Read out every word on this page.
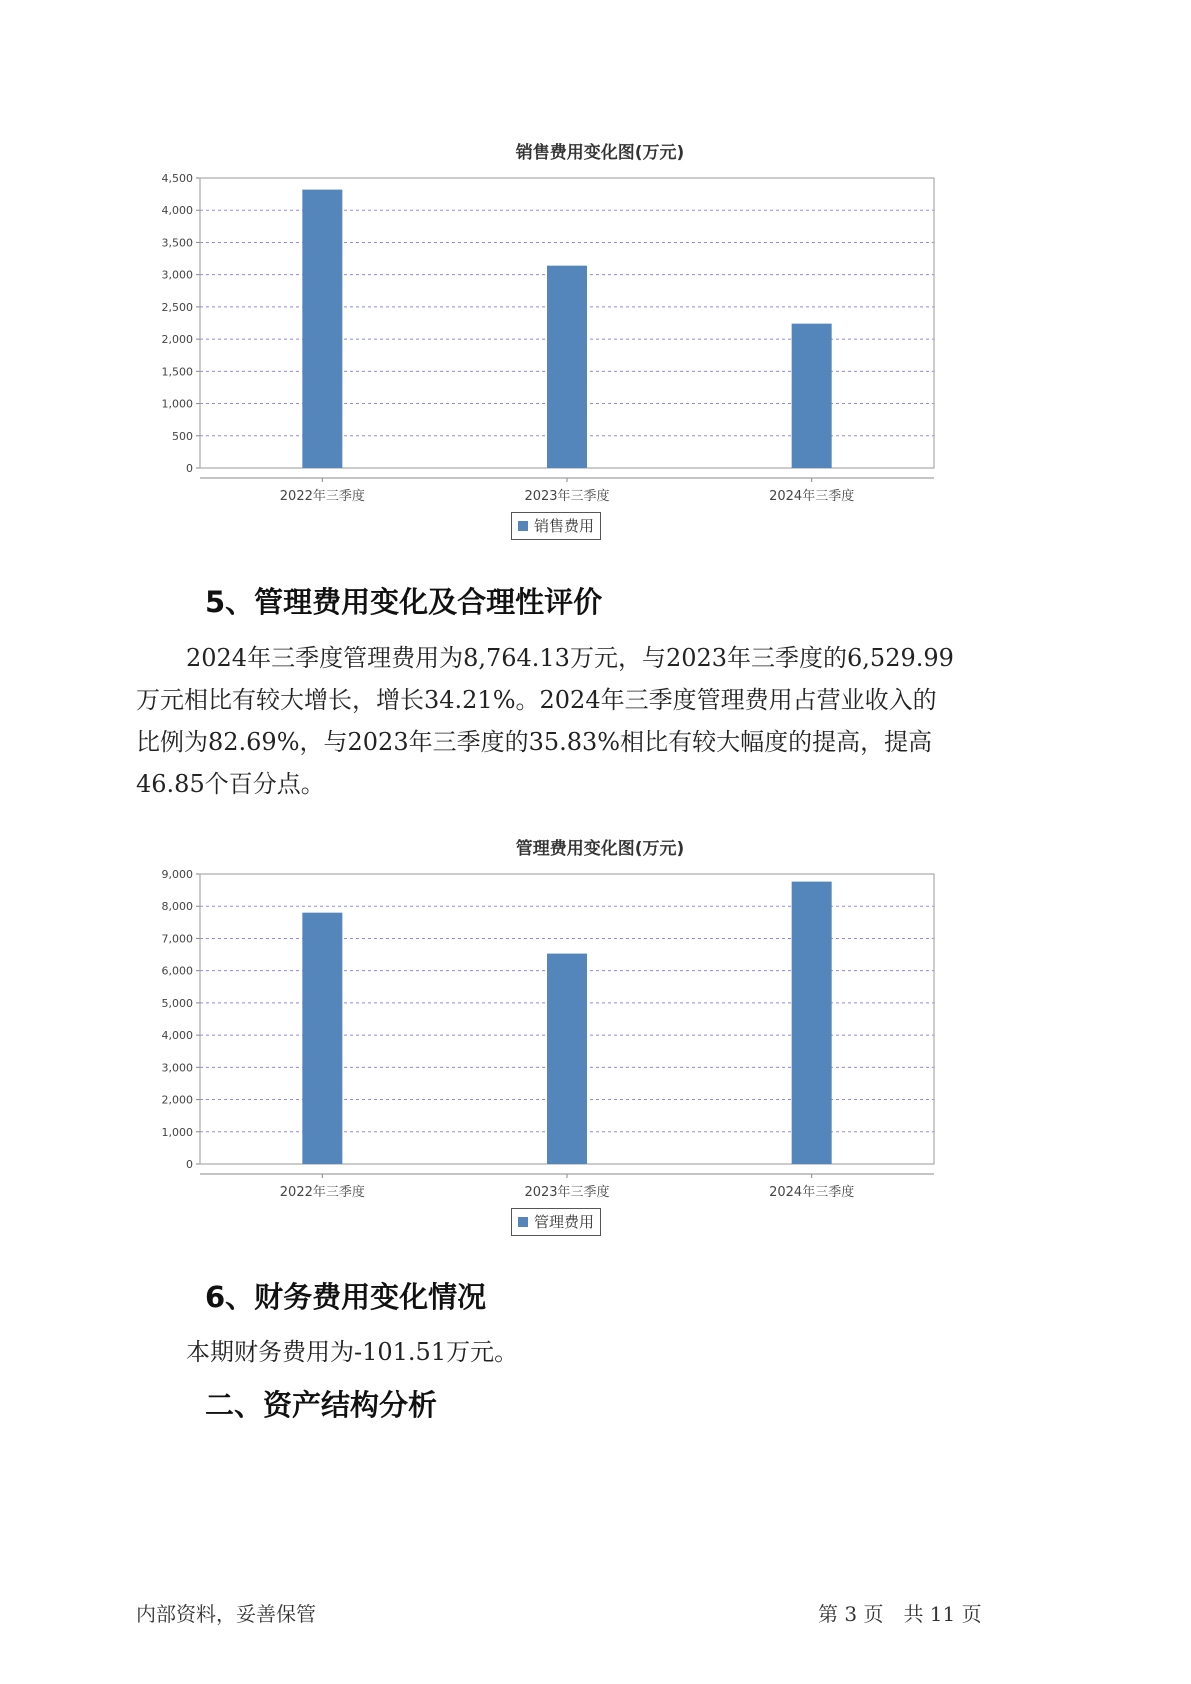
销售费用变化图(万元)
0
500
1,000
1,500
2,000
2,500
3,000
3,500
4,000
4,500
2022年三季度	2023年三季度	2024年三季度
销售费用
5、管理费用变化及合理性评价
2024年三季度管理费用为8,764.13万元，与2023年三季度的6,529.99
万元相比有较大增长，增长34.21%。2024年三季度管理费用占营业收入的
比例为82.69%，与2023年三季度的35.83%相比有较大幅度的提高，提高
46.85个百分点。
管理费用变化图(万元)
0
1,000
2,000
3,000
4,000
5,000
6,000
7,000
8,000
9,000
2022年三季度	2023年三季度	2024年三季度
管理费用
6、财务费用变化情况
本期财务费用为-101.51万元。
二、资产结构分析
内部资料，妥善保管	第 3 页　共 11 页
